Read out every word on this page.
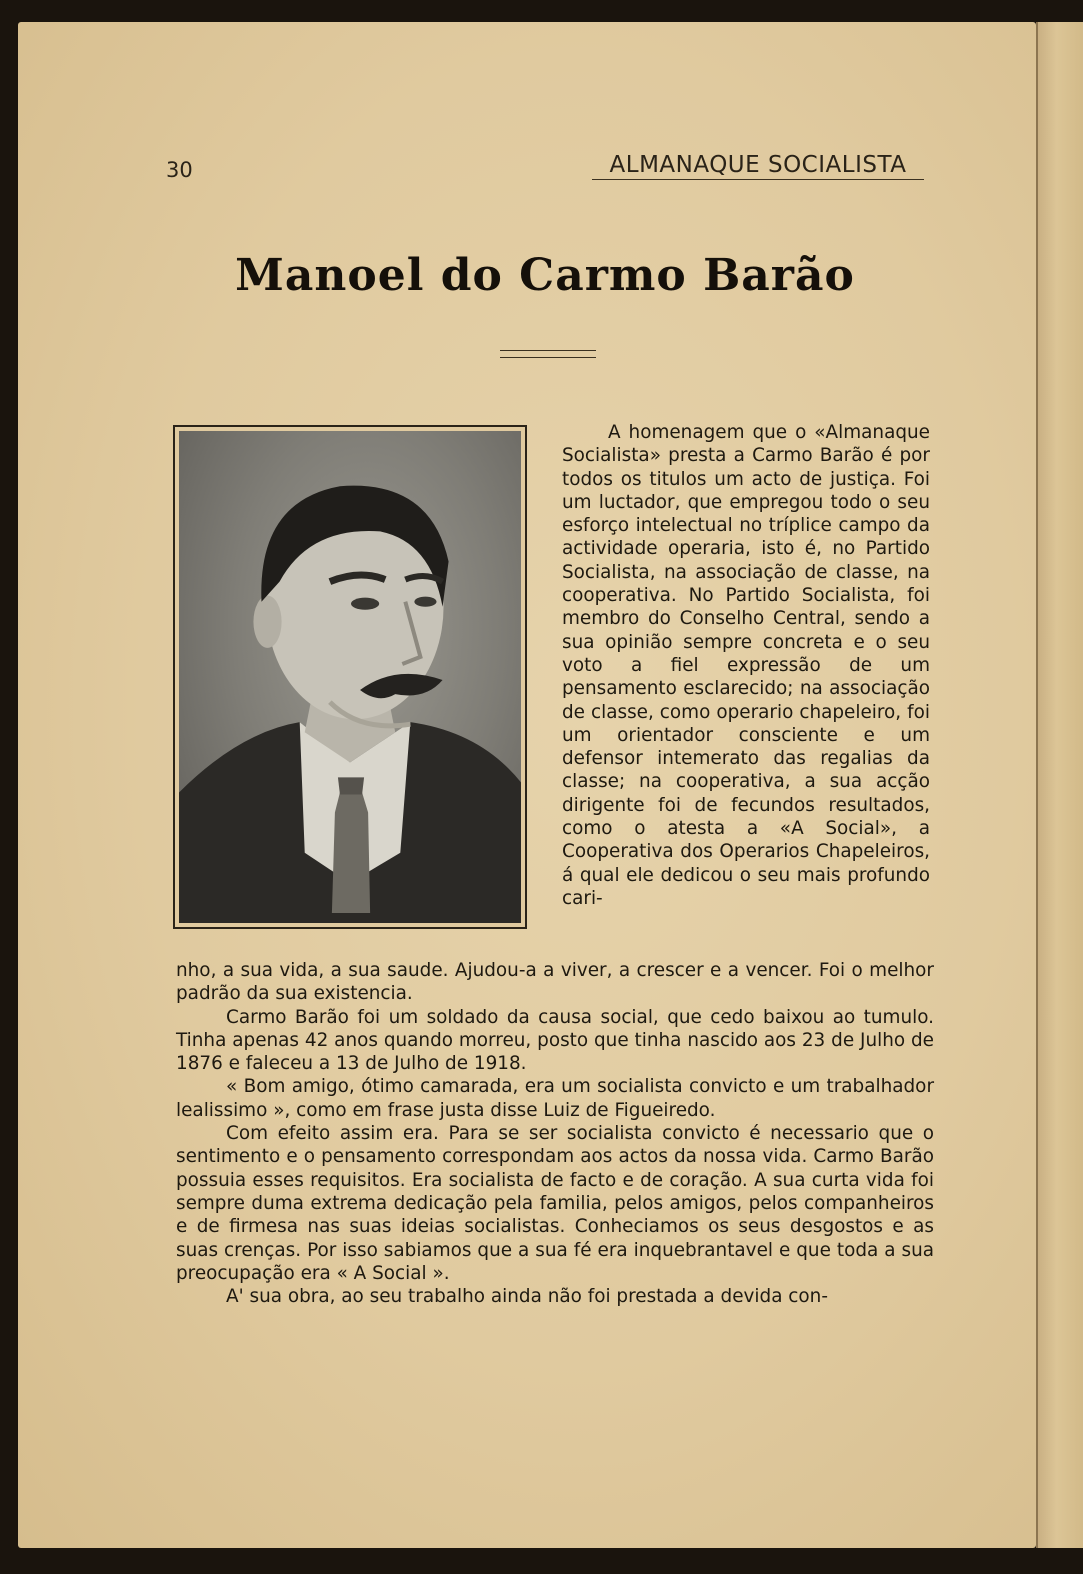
30	ALMANAQUE SOCIALISTA
Manoel do Carmo Barão

A homenagem que o «Almanaque Socialista» presta a Carmo Barão é por todos os titulos um acto de justiça. Foi um luctador, que empregou todo o seu esforço intelectual no tríplice campo da actividade operaria, isto é, no Partido Socialista, na associação de classe, na cooperativa. No Partido Socialista, foi membro do Conselho Central, sendo a sua opinião sempre concreta e o seu voto a fiel expressão de um pensamento esclarecido; na associação de classe, como operario chapeleiro, foi um orientador consciente e um defensor intemerato das regalias da classe; na cooperativa, a sua acção dirigente foi de fecundos resultados, como o atesta a «A Social», a Cooperativa dos Operarios Chapeleiros, á qual ele dedicou o seu mais profundo cari-

nho, a sua vida, a sua saude. Ajudou-a a viver, a crescer e a vencer. Foi o melhor padrão da sua existencia.

Carmo Barão foi um soldado da causa social, que cedo baixou ao tumulo. Tinha apenas 42 anos quando morreu, posto que tinha nascido aos 23 de Julho de 1876 e faleceu a 13 de Julho de 1918.

« Bom amigo, ótimo camarada, era um socialista convicto e um trabalhador lealissimo », como em frase justa disse Luiz de Figueiredo.

Com efeito assim era. Para se ser socialista convicto é necessario que o sentimento e o pensamento correspondam aos actos da nossa vida. Carmo Barão possuia esses requisitos. Era socialista de facto e de coração. A sua curta vida foi sempre duma extrema dedicação pela familia, pelos amigos, pelos companheiros e de firmesa nas suas ideias socialistas. Conheciamos os seus desgostos e as suas crenças. Por isso sabiamos que a sua fé era inquebrantavel e que toda a sua preocupação era « A Social ».

A' sua obra, ao seu trabalho ainda não foi prestada a devida con-
